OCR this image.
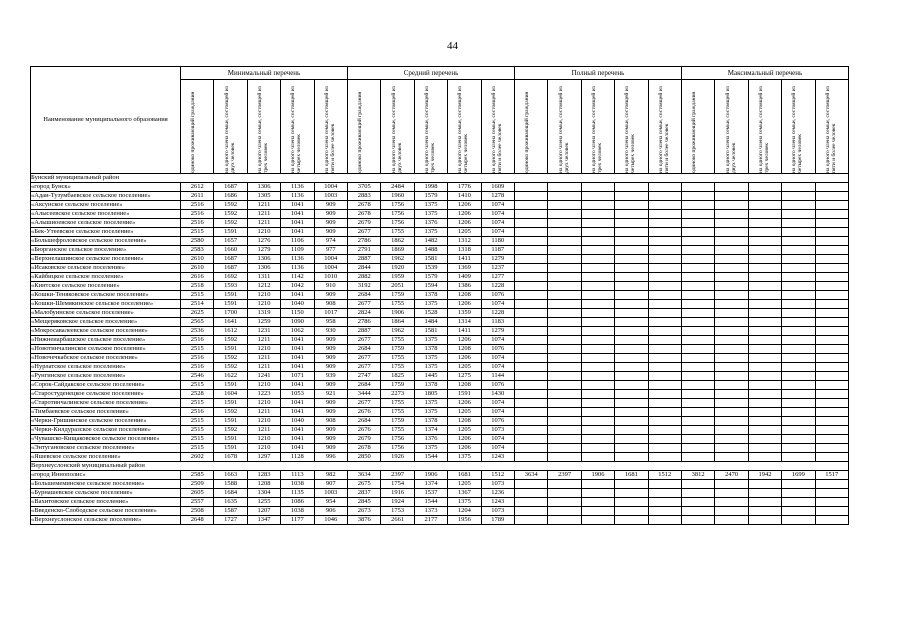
44
Наименование муниципального образования	Минимальный перечень					Средний перечень					Полный перечень					Максимальный перечень				

	одиноко проживающий гражданин	на одного члена семьи, состоящей из двух человек	на одного члена семьи, состоящей из трех человек	на одного члена семьи, состоящей из четырех человек	на одного члена семьи, состоящей из пяти и более человек	одиноко проживающий гражданин	на одного члена семьи, состоящей из двух человек	на одного члена семьи, состоящей из трех человек	на одного члена семьи, состоящей из четырех человек	на одного члена семьи, состоящей из пяти и более человек	одиноко проживающий гражданин	на одного члена семьи, состоящей из двух человек	на одного члена семьи, состоящей из трех человек	на одного члена семьи, состоящей из четырех человек	на одного члена семьи, состоящей из пяти и более человек	одиноко проживающий гражданин	на одного члена семьи, состоящей из двух человек	на одного члена семьи, состоящей из трех человек	на одного члена семьи, состоящей из четырех человек	на одного члена семьи, состоящей из пяти и более человек

Бунский муниципальный район																				
«город Бунск»	2612	1687	1306	1136	1004	3705	2484	1998	1776	1609										
«Адаи-Тузумбаевское сельское поселение»	2611	1686	1305	1136	1003	2883	1960	1579	1410	1278										
«Аксунское сельское поселение»	2516	1592	1211	1041	909	2678	1756	1375	1206	1074										
«Алысеевское сельское поселение»	2516	1592	1211	1041	909	2678	1756	1375	1206	1074										
«Алышиоевское сельское поселение»	2516	1592	1211	1041	909	2679	1756	1376	1206	1074										
«Бек-Утеевское сельское поселение»	2515	1591	1210	1041	909	2677	1755	1375	1205	1074										
«Большефроловское сельское поселение»	2580	1657	1276	1106	974	2786	1862	1482	1312	1180										
«Бюрганское сельское поселение»	2583	1660	1279	1109	977	2791	1869	1488	1318	1187										
«Верхнелашинское сельское поселение»	2610	1687	1306	1136	1004	2887	1962	1581	1411	1279										
«Исаковское сельское поселение»	2610	1687	1306	1136	1004	2844	1920	1539	1369	1237										
«Кайбицкое сельское поселение»	2616	1692	1311	1142	1010	2882	1959	1579	1409	1277										
«Кинтское сельское поселение»	2518	1593	1212	1042	910	3192	2051	1594	1386	1228										
«Кошки-Теняковское сельское поселение»	2515	1591	1210	1041	909	2684	1759	1378	1208	1076										
«Кошки-Шемякинское сельское поселение»	2514	1591	1210	1040	908	2677	1755	1375	1206	1074										
«Малобуинское сельское поселение»	2625	1700	1319	1150	1017	2824	1906	1528	1359	1228										
«Мещеряковское сельское поселение»	2565	1641	1259	1090	958	2786	1864	1484	1314	1183										
«Мокросавалеевское сельское поселение»	2536	1612	1231	1062	930	2887	1962	1581	1411	1279										
«Нижнеиарбашское сельское поселение»	2516	1592	1211	1041	909	2677	1755	1375	1206	1074										
«Новотинчалинское сельское поселение»	2515	1591	1210	1041	909	2684	1759	1378	1208	1076										
«Новочечкабское сельское поселение»	2516	1592	1211	1041	909	2677	1755	1375	1206	1074										
«Нурлатское сельское поселение»	2516	1592	1211	1041	909	2677	1755	1375	1205	1074										
«Рунгинское сельское поселение»	2546	1622	1241	1071	939	2747	1825	1445	1275	1144										
«Сорок-Сайдакское сельское поселение»	2515	1591	1210	1041	909	2684	1759	1378	1208	1076										
«Старостуденецкое сельское поселение»	2528	1604	1223	1053	921	3444	2273	1805	1591	1430										
«Старотинчалинское сельское поселение»	2515	1591	1210	1041	909	2677	1755	1375	1206	1074										
«Тимбаевское сельское поселение»	2516	1592	1211	1041	909	2676	1755	1375	1205	1074										
«Черки-Гришинское сельское поселение»	2515	1591	1210	1040	908	2684	1759	1378	1208	1076										
«Черки-Килдуразское сельское поселение»	2515	1592	1211	1041	909	2676	1755	1374	1205	1073										
«Чувашско-Кищаковское сельское поселение»	2515	1591	1210	1041	909	2679	1756	1376	1206	1074										
«Энтугановское сельское поселение»	2515	1591	1210	1041	909	2678	1756	1375	1206	1074										
«Яшевское сельское поселение»	2602	1678	1297	1128	996	2850	1926	1544	1375	1243										
Верхнеуслонский муниципальный район																				
«город Иннополис»	2585	1663	1283	1113	982	3634	2397	1906	1681	1512	3634	2397	1906	1681	1512	3812	2470	1942	1699	1517
«Большемеминское сельское поселение»	2509	1588	1208	1038	907	2675	1754	1374	1205	1073										
«Бурнашевское сельское поселение»	2605	1684	1304	1135	1003	2837	1916	1537	1367	1236										
«Вахитовское сельское поселение»	2557	1635	1255	1086	954	2845	1924	1544	1375	1243										
«Введенско-Слободское сельское поселение»	2508	1587	1207	1038	906	2673	1753	1373	1204	1073										
«Верхнеуслонское сельское поселение»	2648	1727	1347	1177	1046	3876	2661	2177	1956	1789										
